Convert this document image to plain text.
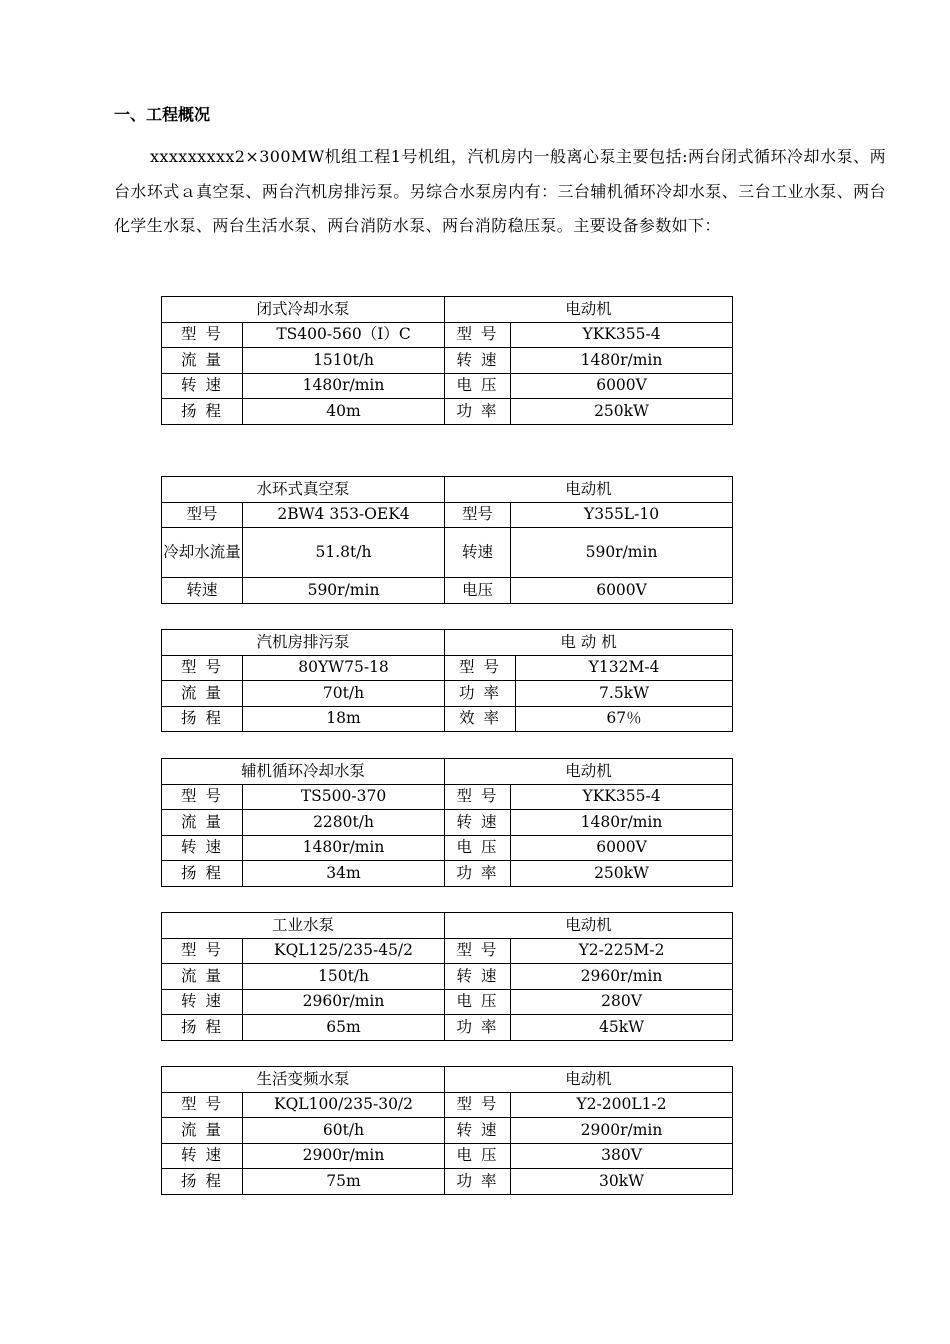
一、工程概况

xxxxxxxxx2×300MW机组工程1号机组，汽机房内一般离心泵主要包括:两台闭式循环冷却水泵、两台水环式ａ真空泵、两台汽机房排污泵。另综合水泵房内有：三台辅机循环冷却水泵、三台工业水泵、两台化学生水泵、两台生活水泵、两台消防水泵、两台消防稳压泵。主要设备参数如下：

闭式冷却水泵		电动机	
型 号	TS400-560（I）C	型 号	YKK355-4
流 量	1510t/h	转 速	1480r/min
转 速	1480r/min	电 压	6000V
扬 程	40m	功 率	250kW
水环式真空泵		电动机	
型号	2BW4 353-OEK4	型号	Y355L-10
冷却水流量	51.8t/h	转速	590r/min
转速	590r/min	电压	6000V
汽机房排污泵		电 动 机	
型 号	80YW75-18	型 号	Y132M-4
流 量	70t/h	功 率	7.5kW
扬 程	18m	效 率	67％
辅机循环冷却水泵		电动机	
型 号	TS500-370	型 号	YKK355-4
流 量	2280t/h	转 速	1480r/min
转 速	1480r/min	电 压	6000V
扬 程	34m	功 率	250kW
工业水泵		电动机	
型 号	KQL125/235-45/2	型 号	Y2-225M-2
流 量	150t/h	转 速	2960r/min
转 速	2960r/min	电 压	280V
扬 程	65m	功 率	45kW
生活变频水泵		电动机	
型 号	KQL100/235-30/2	型 号	Y2-200L1-2
流 量	60t/h	转 速	2900r/min
转 速	2900r/min	电 压	380V
扬 程	75m	功 率	30kW
